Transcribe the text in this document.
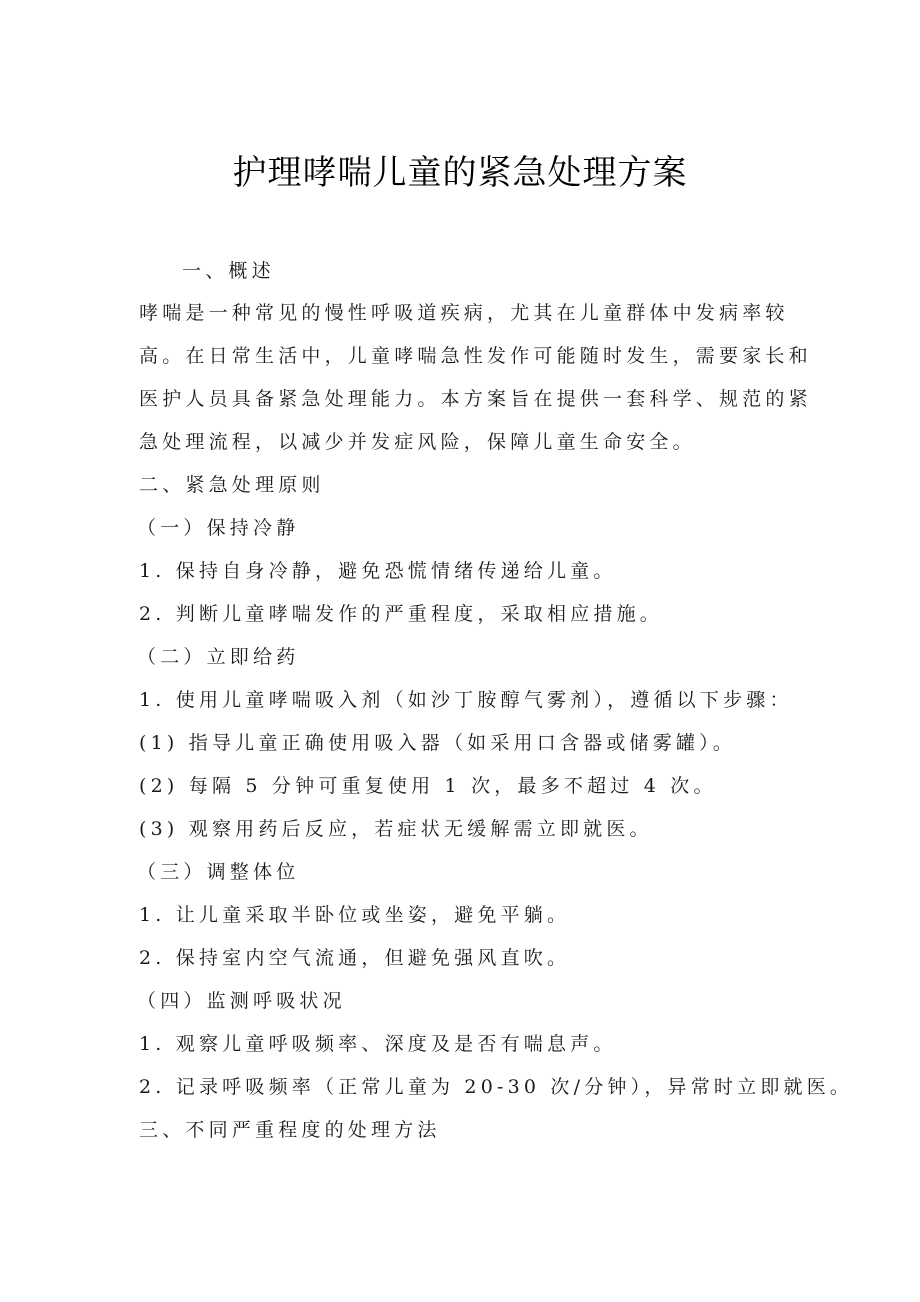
护理哮喘儿童的紧急处理方案
一、概述
哮喘是一种常见的慢性呼吸道疾病，尤其在儿童群体中发病率较
高。在日常生活中，儿童哮喘急性发作可能随时发生，需要家长和
医护人员具备紧急处理能力。本方案旨在提供一套科学、规范的紧
急处理流程，以减少并发症风险，保障儿童生命安全。
二、紧急处理原则
（一）保持冷静
1. 保持自身冷静，避免恐慌情绪传递给儿童。
2. 判断儿童哮喘发作的严重程度，采取相应措施。
（二）立即给药
1. 使用儿童哮喘吸入剂（如沙丁胺醇气雾剂），遵循以下步骤：
(1) 指导儿童正确使用吸入器（如采用口含器或储雾罐）。
(2) 每隔 5 分钟可重复使用 1 次，最多不超过 4 次。
(3) 观察用药后反应，若症状无缓解需立即就医。
（三）调整体位
1. 让儿童采取半卧位或坐姿，避免平躺。
2. 保持室内空气流通，但避免强风直吹。
（四）监测呼吸状况
1. 观察儿童呼吸频率、深度及是否有喘息声。
2. 记录呼吸频率（正常儿童为 20-30 次/分钟），异常时立即就医。
三、不同严重程度的处理方法
